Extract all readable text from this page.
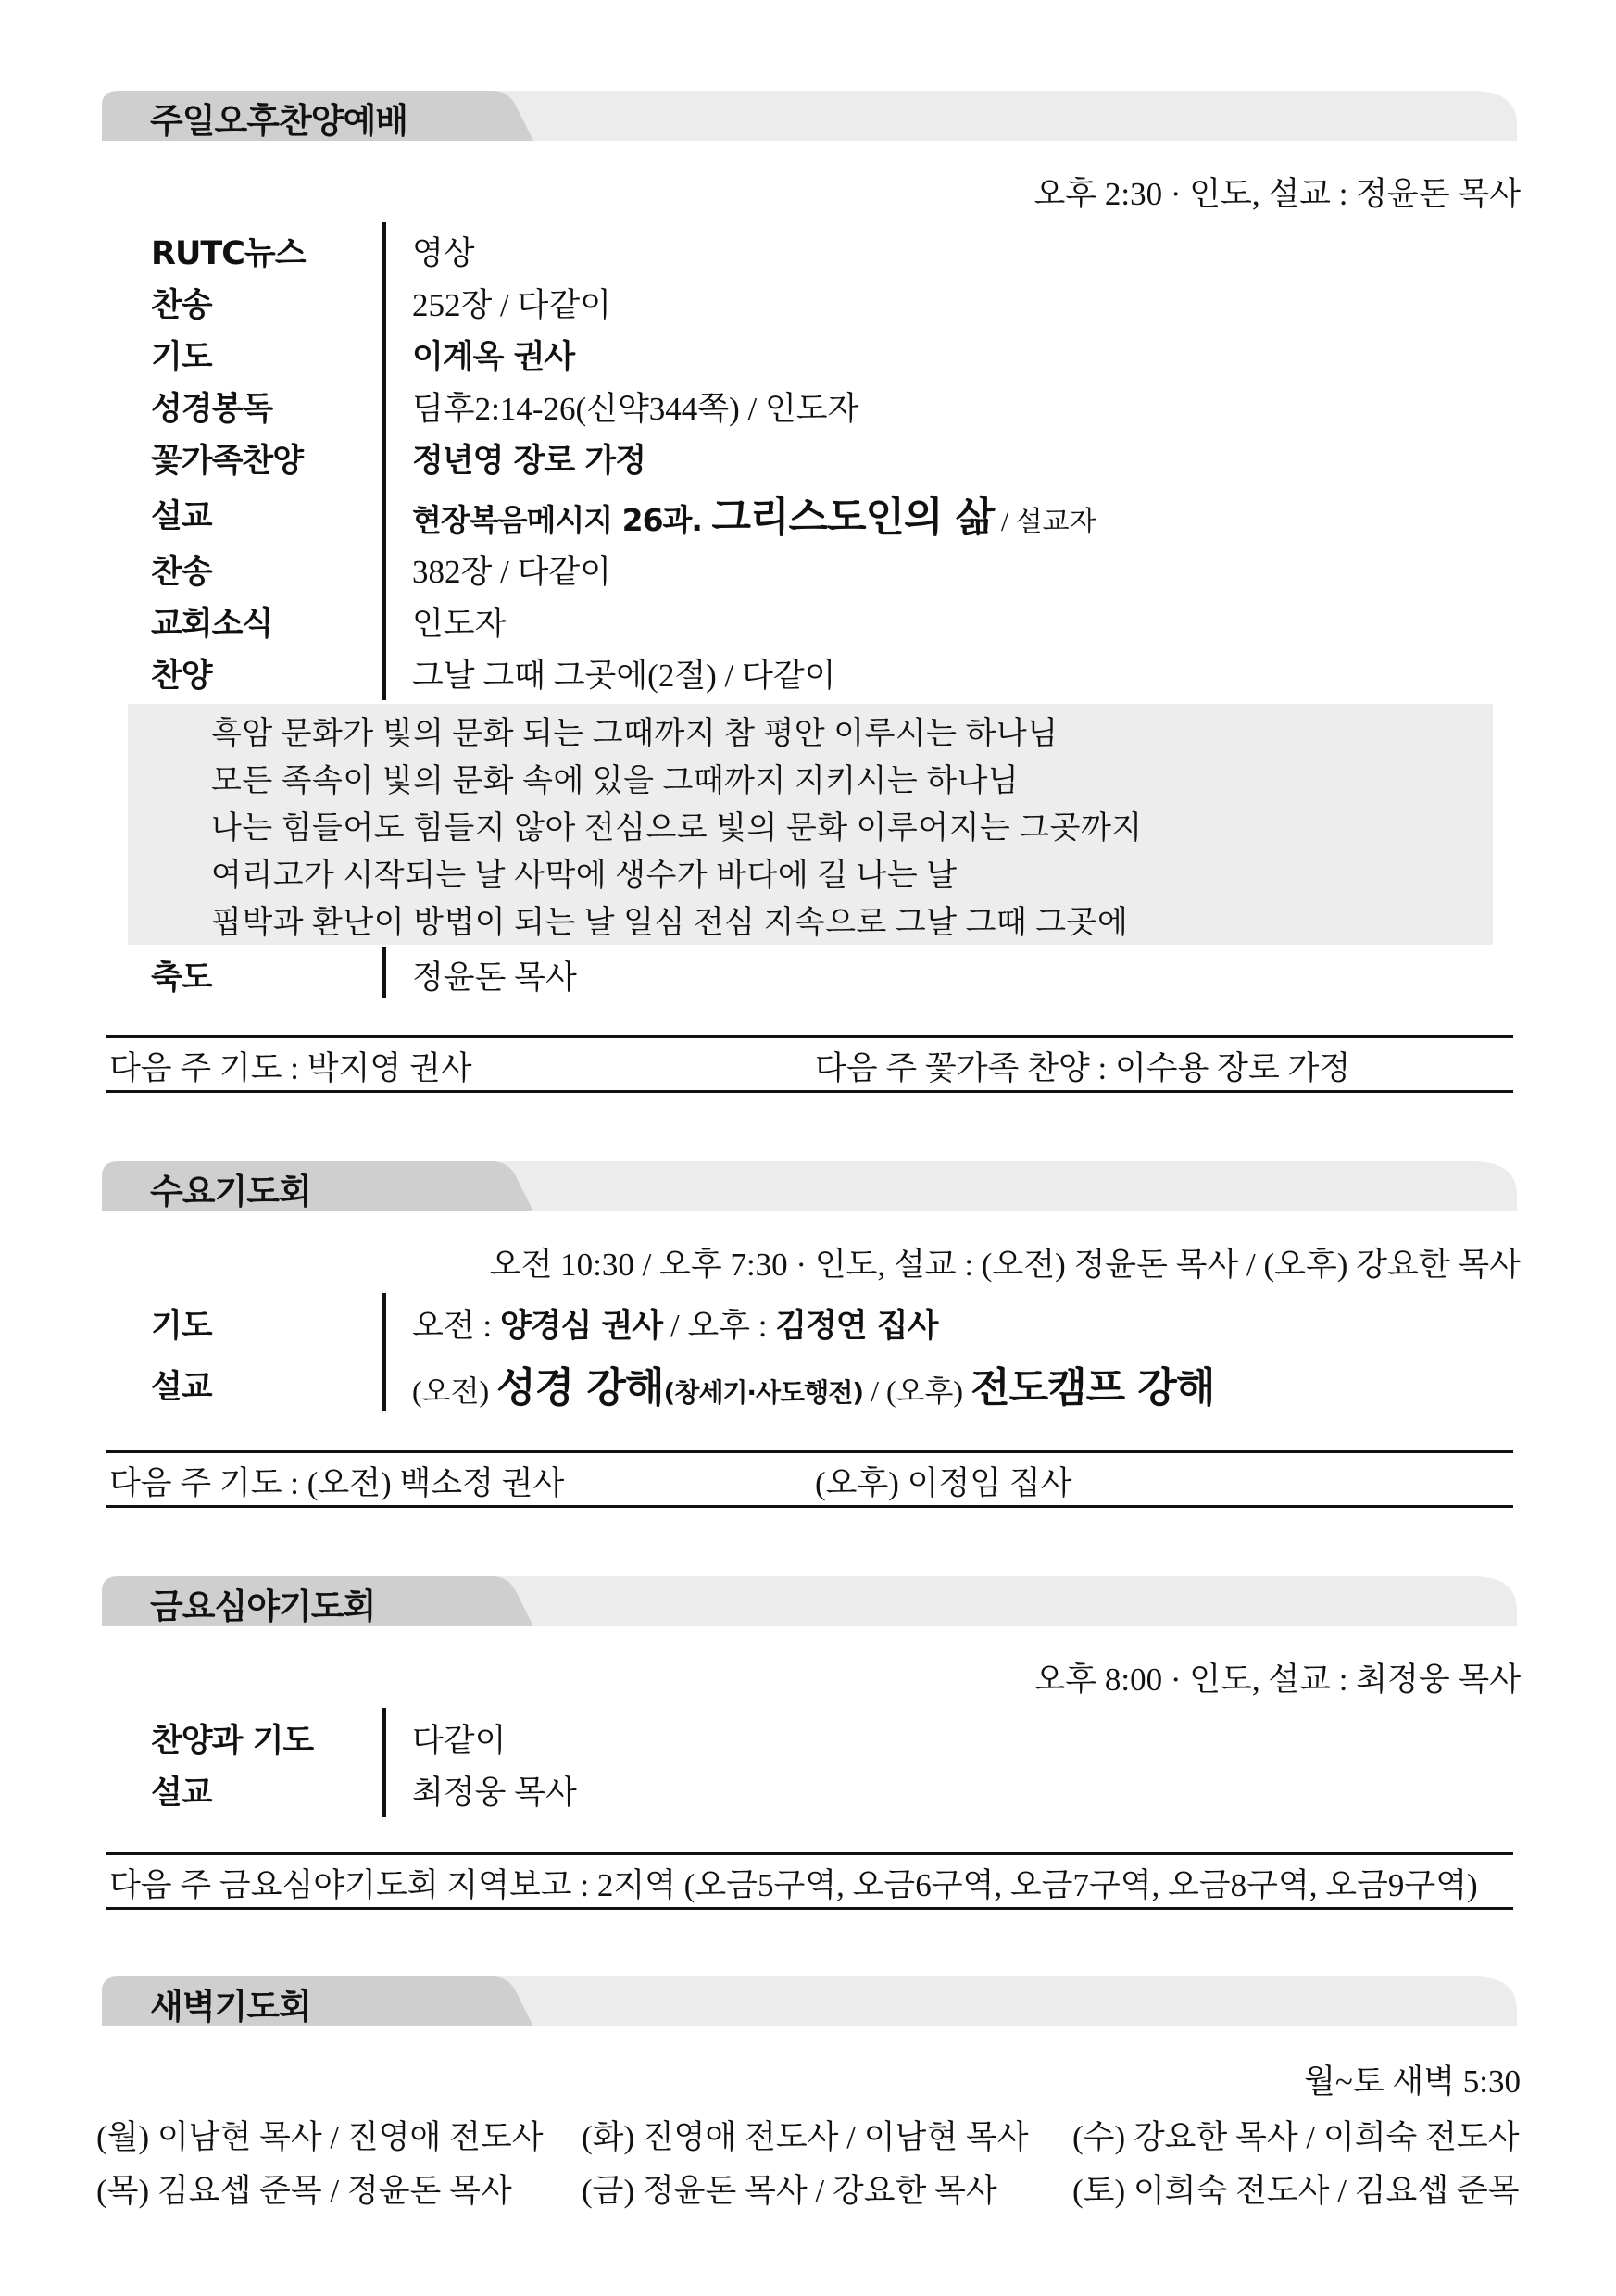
주일오후찬양예배
오후 2:30 · 인도, 설교 : 정윤돈 목사
RUTC뉴스	영상
찬송	252장 / 다같이
기도	이계옥 권사
성경봉독	딤후2:14-26(신약344쪽) / 인도자
꽃가족찬양	정년영 장로 가정
설교	현장복음메시지 26과. 그리스도인의 삶 / 설교자
찬송	382장 / 다같이
교회소식	인도자
찬양	그날 그때 그곳에(2절) / 다같이
흑암 문화가 빛의 문화 되는 그때까지 참 평안 이루시는 하나님
모든 족속이 빛의 문화 속에 있을 그때까지 지키시는 하나님
나는 힘들어도 힘들지 않아 전심으로 빛의 문화 이루어지는 그곳까지
여리고가 시작되는 날 사막에 생수가 바다에 길 나는 날
핍박과 환난이 방법이 되는 날 일심 전심 지속으로 그날 그때 그곳에
축도	정윤돈 목사
다음 주 기도 : 박지영 권사	다음 주 꽃가족 찬양 : 이수용 장로 가정
수요기도회
오전 10:30 / 오후 7:30 · 인도, 설교 : (오전) 정윤돈 목사 / (오후) 강요한 목사
기도	오전 : 양경심 권사 / 오후 : 김정연 집사
설교	(오전) 성경 강해(창세기·사도행전) / (오후) 전도캠프 강해
다음 주 기도 : (오전) 백소정 권사	(오후) 이정임 집사
금요심야기도회
오후 8:00 · 인도, 설교 : 최정웅 목사
찬양과 기도	다같이
설교	최정웅 목사
다음 주 금요심야기도회 지역보고 : 2지역 (오금5구역, 오금6구역, 오금7구역, 오금8구역, 오금9구역)
새벽기도회
월~토 새벽 5:30
(월) 이남현 목사 / 진영애 전도사 (화) 진영애 전도사 / 이남현 목사 (수) 강요한 목사 / 이희숙 전도사
(목) 김요셉 준목 / 정윤돈 목사 (금) 정윤돈 목사 / 강요한 목사 (토) 이희숙 전도사 / 김요셉 준목
